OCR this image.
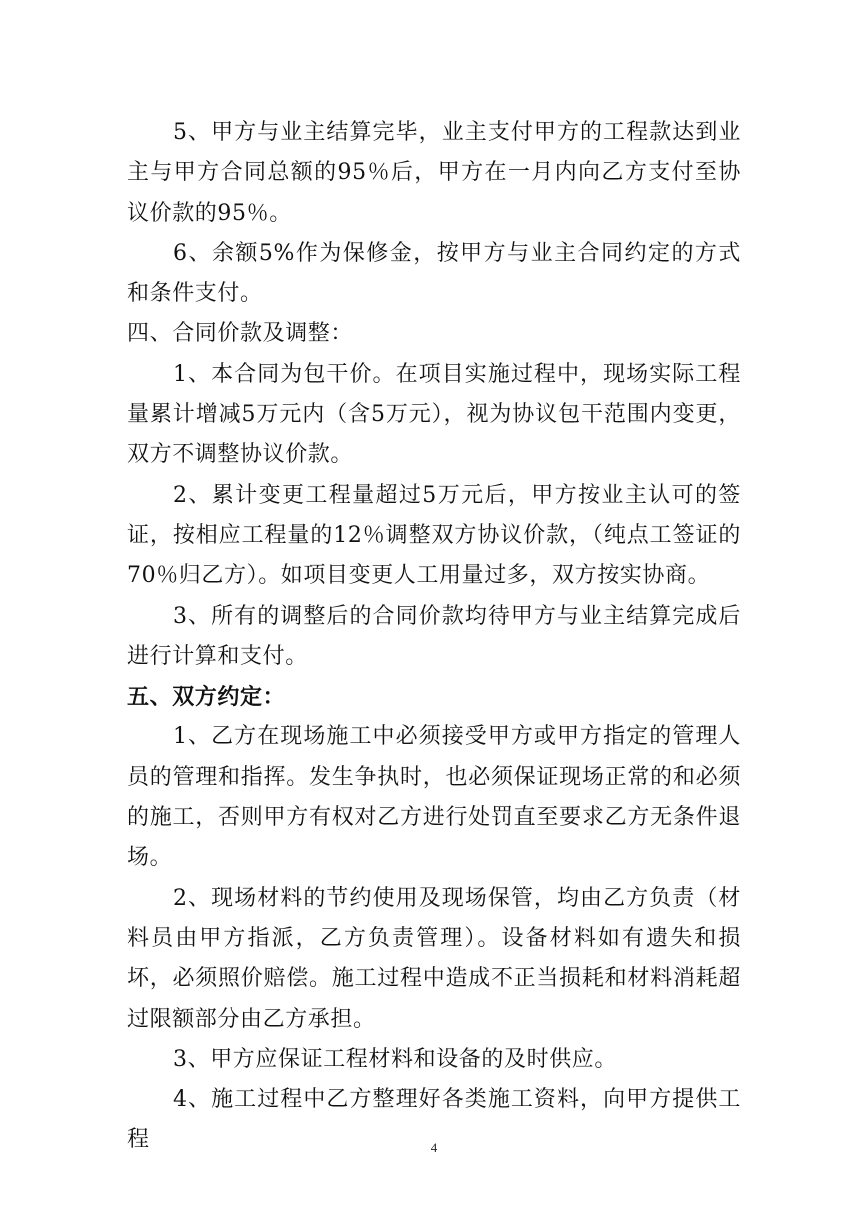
5、甲方与业主结算完毕，业主支付甲方的工程款达到业主与甲方合同总额的95％后，甲方在一月内向乙方支付至协议价款的95％。

6、余额5%作为保修金，按甲方与业主合同约定的方式和条件支付。

四、合同价款及调整：

1、本合同为包干价。在项目实施过程中，现场实际工程量累计增减5万元内（含5万元），视为协议包干范围内变更，双方不调整协议价款。

2、累计变更工程量超过5万元后，甲方按业主认可的签证，按相应工程量的12％调整双方协议价款，（纯点工签证的70％归乙方）。如项目变更人工用量过多，双方按实协商。

3、所有的调整后的合同价款均待甲方与业主结算完成后进行计算和支付。

五、双方约定：

1、乙方在现场施工中必须接受甲方或甲方指定的管理人员的管理和指挥。发生争执时，也必须保证现场正常的和必须的施工，否则甲方有权对乙方进行处罚直至要求乙方无条件退场。

2、现场材料的节约使用及现场保管，均由乙方负责（材料员由甲方指派，乙方负责管理）。设备材料如有遗失和损坏，必须照价赔偿。施工过程中造成不正当损耗和材料消耗超过限额部分由乙方承担。

3、甲方应保证工程材料和设备的及时供应。

4、施工过程中乙方整理好各类施工资料，向甲方提供工程	4
